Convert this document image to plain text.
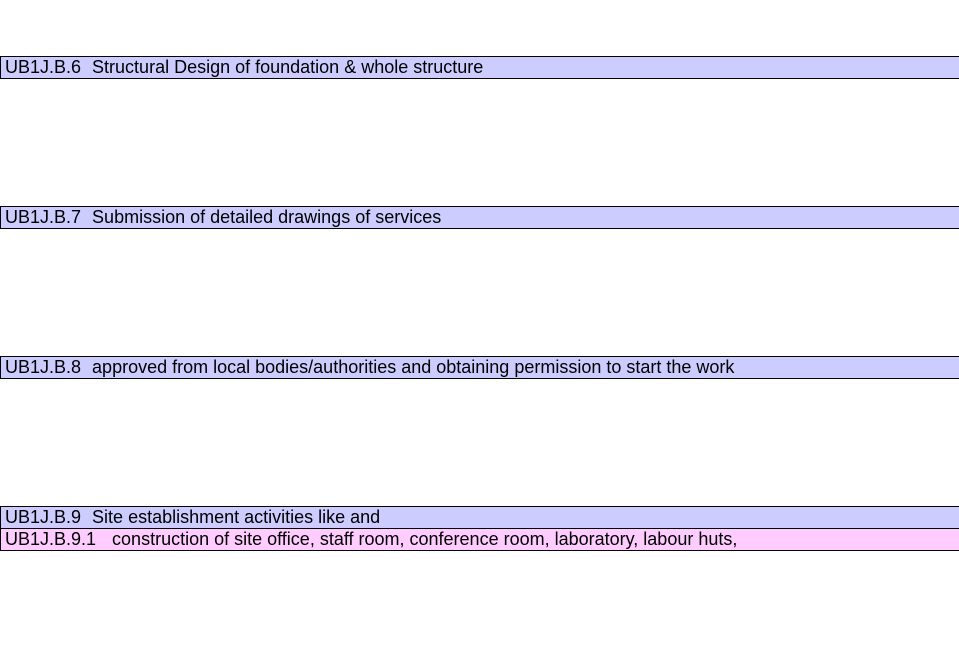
UB1J.B.6 Structural Design of foundation & whole structure
UB1J.B.7 Submission of detailed drawings of services
UB1J.B.8 approved from local bodies/authorities and obtaining permission to start the work
UB1J.B.9 Site establishment activities like and
UB1J.B.9.1 construction of site office, staff room, conference room, laboratory, labour huts,
